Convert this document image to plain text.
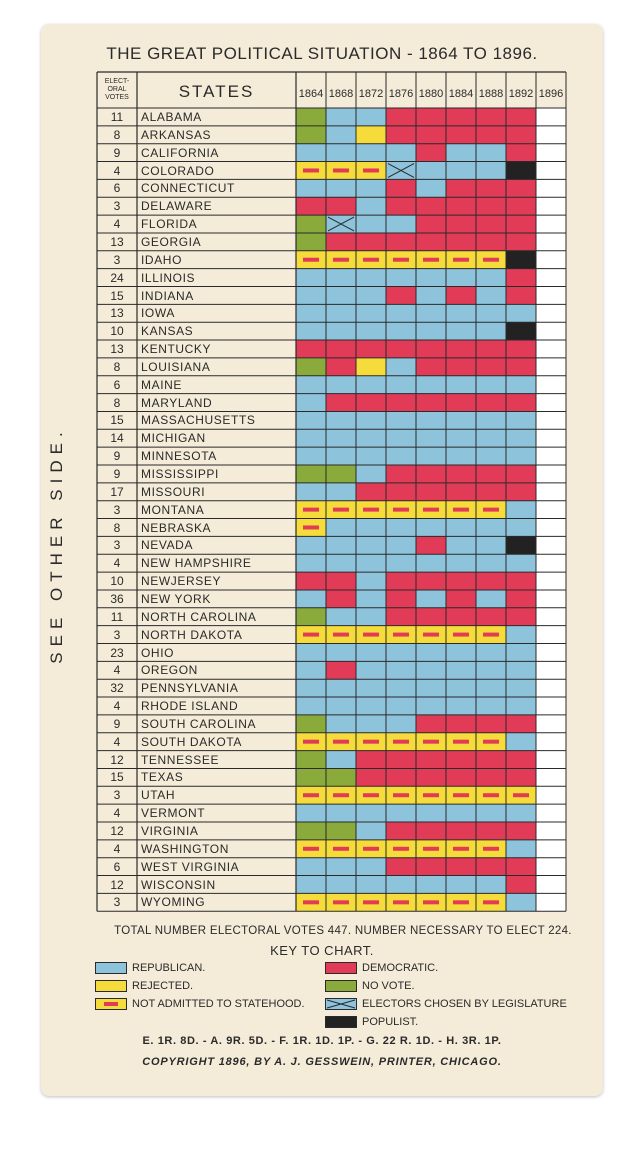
THE GREAT POLITICAL SITUATION - 1864 TO 1896.
SEE OTHER SIDE.
ELECT- ORAL VOTES	STATES	1864 1868 1872 1876 1880 1884 1888 1892 1896
11	ALABAMA
8	ARKANSAS
9	CALIFORNIA
4	COLORADO
6	CONNECTICUT
3	DELAWARE
4	FLORIDA
13	GEORGIA
3	IDAHO
24	ILLINOIS
15	INDIANA
13	IOWA
10	KANSAS
13	KENTUCKY
8	LOUISIANA
6	MAINE
8	MARYLAND
15	MASSACHUSETTS
14	MICHIGAN
9	MINNESOTA
9	MISSISSIPPI
17	MISSOURI
3	MONTANA
8	NEBRASKA
3	NEVADA
4	NEW HAMPSHIRE
10	NEWJERSEY
36	NEW YORK
11	NORTH CAROLINA
3	NORTH DAKOTA
23	OHIO
4	OREGON
32	PENNSYLVANIA
4	RHODE ISLAND
9	SOUTH CAROLINA
4	SOUTH DAKOTA
12	TENNESSEE
15	TEXAS
3	UTAH
4	VERMONT
12	VIRGINIA
4	WASHINGTON
6	WEST VIRGINIA
12	WISCONSIN
3	WYOMING
TOTAL NUMBER ELECTORAL VOTES 447. NUMBER NECESSARY TO ELECT 224.
KEY TO CHART.
REPUBLICAN.	DEMOCRATIC.
REJECTED.	NO VOTE.
NOT ADMITTED TO STATEHOOD.	ELECTORS CHOSEN BY LEGISLATURE
POPULIST.
E. 1R. 8D. - A. 9R. 5D. - F. 1R. 1D. 1P. - G. 22 R. 1D. - H. 3R. 1P.
COPYRIGHT 1896, BY A. J. GESSWEIN, PRINTER, CHICAGO.
